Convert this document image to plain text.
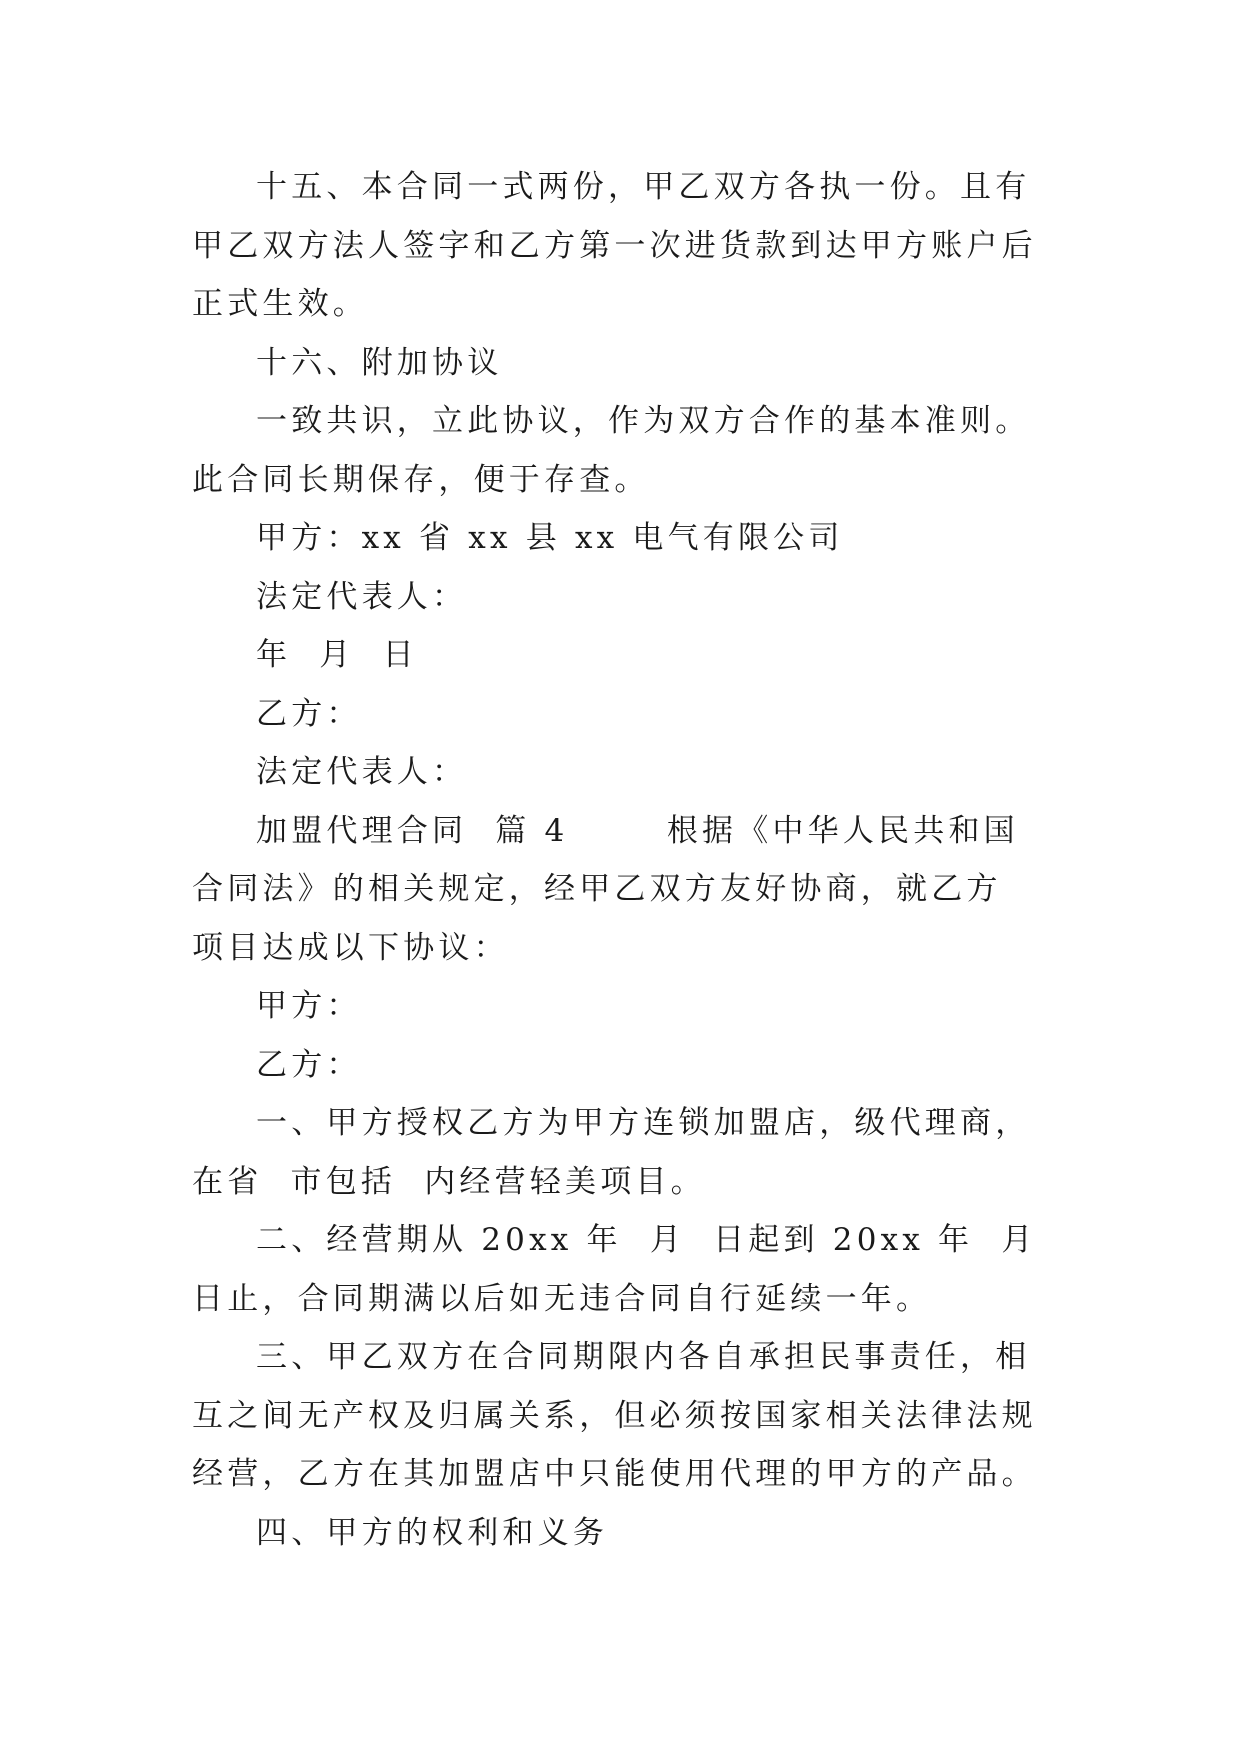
十五、本合同一式两份，甲乙双方各执一份。且有甲乙双方法人签字和乙方第一次进货款到达甲方账户后正式生效。

十六、附加协议

一致共识，立此协议，作为双方合作的基本准则。此合同长期保存，便于存查。

甲方：xx 省 xx 县 xx 电气有限公司

法定代表人：

年  月  日

乙方：

法定代表人：

加盟代理合同  篇 4       根据《中华人民共和国合同法》的相关规定，经甲乙双方友好协商，就乙方  项目达成以下协议：

甲方：

乙方：

一、甲方授权乙方为甲方连锁加盟店，级代理商，在省  市包括  内经营轻美项目。

二、经营期从 20xx 年  月  日起到 20xx 年  月  日止，合同期满以后如无违合同自行延续一年。

三、甲乙双方在合同期限内各自承担民事责任，相互之间无产权及归属关系，但必须按国家相关法律法规经营，乙方在其加盟店中只能使用代理的甲方的产品。

四、甲方的权利和义务
